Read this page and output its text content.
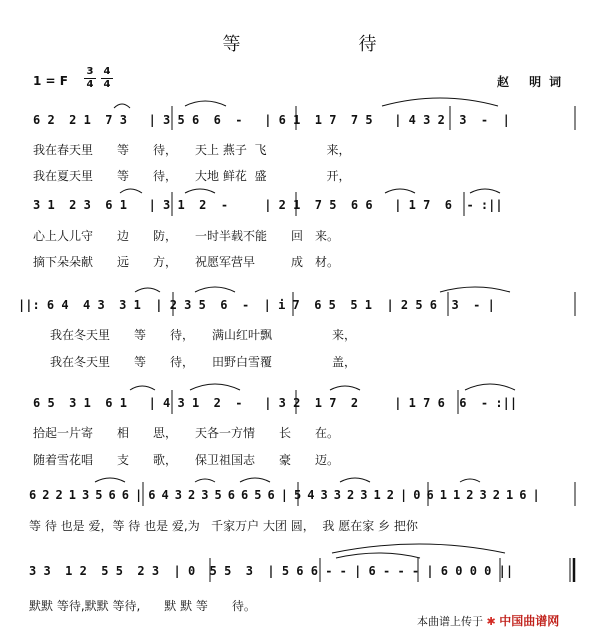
等　待
1 = F
3
4
4
4	赵 明词
6 2  2 1  7 3   | 3 5 6  6  -   | 6 1  1 7  7 5   | 4 3 2  3  -  |
我在春天里　　等　　待，　　天上 燕子  飞　　　　　来，
我在夏天里　　等　　待，　　大地 鲜花  盛　　　　　开，
3 1  2 3  6 1   | 3 1  2  -     | 2 1  7 5  6 6   | 1 7  6  - :||
心上人儿守　　边　　防，　　一时半载不能　　回　来。
摘下朵朵献　　远　　方，　　祝愿军营早　　　成　材。
||: 6 4  4 3  3 1  | 2 3 5  6  -  | i 7  6 5  5 1  | 2 5 6  3  - |
我在冬天里　　等　　待，　　满山红叶飘　　　　　来，
我在冬天里　　等　　待，　　田野白雪覆　　　　　盖，
6 5  3 1  6 1   | 4 3 1  2  -   | 3 2  1 7  2     | 1 7 6  6  - :||
拾起一片寄　　相　　思，　　天各一方情　　长　　在。
随着雪花唱　　支　　歌，　　保卫祖国志　　豪　　迈。
6 2 2 1 3 5 6 6 | 6 4 3 2 3 5 6 6 5 6 | 5 4 3 3 2 3 1 2 | 0 6 1 1 2 3 2 1 6 |
等 待 也是 爱，等 待 也是 爱,为   千家万户 大团 圆，  我 愿在家 乡 把你
3 3  1 2  5 5  2 3  | 0  5 5  3  | 5 6 6 - - | 6 - - - | 6 0 0 0 ||
默默 等待,默默 等待,　　默 默 等　　待。
本曲谱上传于 ✱ 中国曲谱网
